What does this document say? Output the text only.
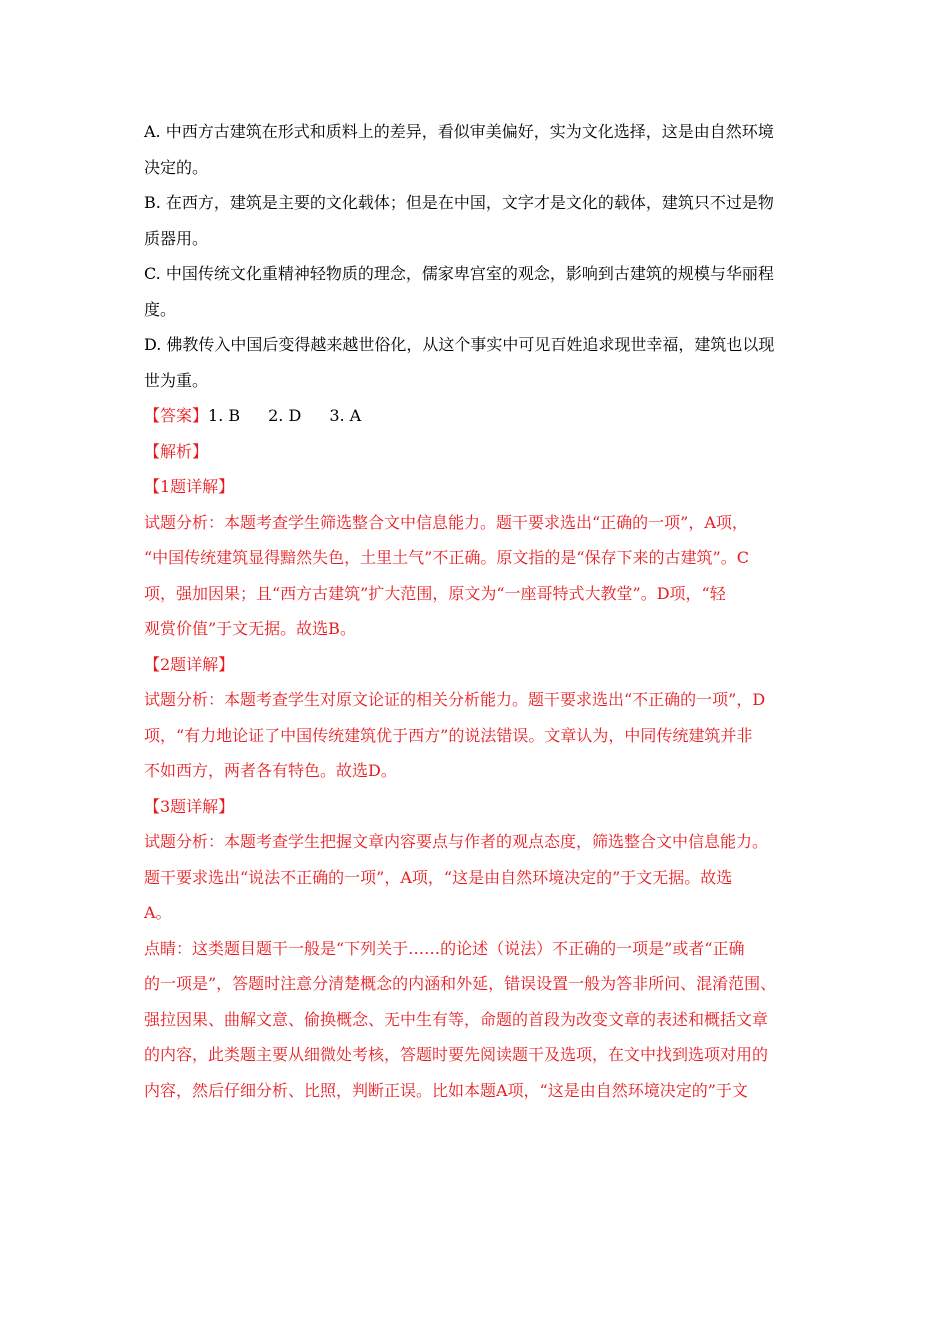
A. 中西方古建筑在形式和质料上的差异，看似审美偏好，实为文化选择，这是由自然环境
决定的。
B. 在西方，建筑是主要的文化载体；但是在中国，文字才是文化的载体，建筑只不过是物
质器用。
C. 中国传统文化重精神轻物质的理念，儒家卑宫室的观念，影响到古建筑的规模与华丽程
度。
D. 佛教传入中国后变得越来越世俗化，从这个事实中可见百姓追求现世幸福，建筑也以现
世为重。
【答案】1. B 2. D 3. A
【解析】
【1题详解】
试题分析：本题考查学生筛选整合文中信息能力。题干要求选出“正确的一项”，A项，
“中国传统建筑显得黯然失色，土里土气”不正确。原文指的是“保存下来的古建筑”。C
项，强加因果；且“西方古建筑”扩大范围，原文为“一座哥特式大教堂”。D项，“轻
观赏价值”于文无据。故选B。
【2题详解】
试题分析：本题考查学生对原文论证的相关分析能力。题干要求选出“不正确的一项”，D
项，“有力地论证了中国传统建筑优于西方”的说法错误。文章认为，中同传统建筑并非
不如西方，两者各有特色。故选D。
【3题详解】
试题分析：本题考查学生把握文章内容要点与作者的观点态度，筛选整合文中信息能力。
题干要求选出“说法不正确的一项”，A项，“这是由自然环境决定的”于文无据。故选
A。
点睛：这类题目题干一般是“下列关于……的论述（说法）不正确的一项是”或者“正确
的一项是”，答题时注意分清楚概念的内涵和外延，错误设置一般为答非所问、混淆范围、
强拉因果、曲解文意、偷换概念、无中生有等，命题的首段为改变文章的表述和概括文章
的内容，此类题主要从细微处考核，答题时要先阅读题干及选项，在文中找到选项对用的
内容，然后仔细分析、比照，判断正误。比如本题A项，“这是由自然环境决定的”于文
